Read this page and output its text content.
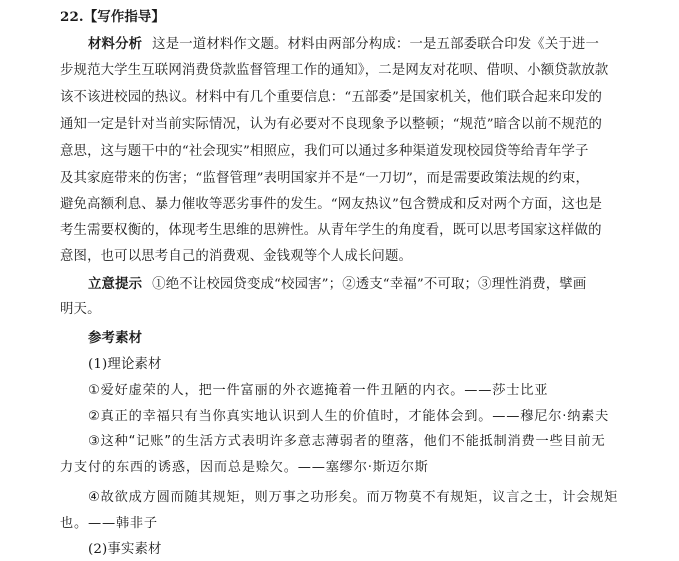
22.【写作指导】
材料分析 这是一道材料作文题。材料由两部分构成：一是五部委联合印发《关于进一
步规范大学生互联网消费贷款监督管理工作的通知》，二是网友对花呗、借呗、小额贷款放款
该不该进校园的热议。材料中有几个重要信息：“五部委”是国家机关，他们联合起来印发的
通知一定是针对当前实际情况，认为有必要对不良现象予以整顿；“规范”暗含以前不规范的
意思，这与题干中的“社会现实”相照应，我们可以通过多种渠道发现校园贷等给青年学子
及其家庭带来的伤害；“监督管理”表明国家并不是“一刀切”，而是需要政策法规的约束，
避免高额利息、暴力催收等恶劣事件的发生。“网友热议”包含赞成和反对两个方面，这也是
考生需要权衡的，体现考生思维的思辨性。从青年学生的角度看，既可以思考国家这样做的
意图，也可以思考自己的消费观、金钱观等个人成长问题。
立意提示 ①绝不让校园贷变成“校园害”；②透支“幸福”不可取；③理性消费，擘画
明天。
参考素材
(1)理论素材
①爱好虚荣的人，把一件富丽的外衣遮掩着一件丑陋的内衣。——莎士比亚
②真正的幸福只有当你真实地认识到人生的价值时，才能体会到。——穆尼尔·纳素夫
③这种“记账”的生活方式表明许多意志薄弱者的堕落，他们不能抵制消费一些目前无
力支付的东西的诱惑，因而总是赊欠。——塞缪尔·斯迈尔斯
④故欲成方圆而随其规矩，则万事之功形矣。而万物莫不有规矩，议言之士，计会规矩
也。——韩非子
(2)事实素材
